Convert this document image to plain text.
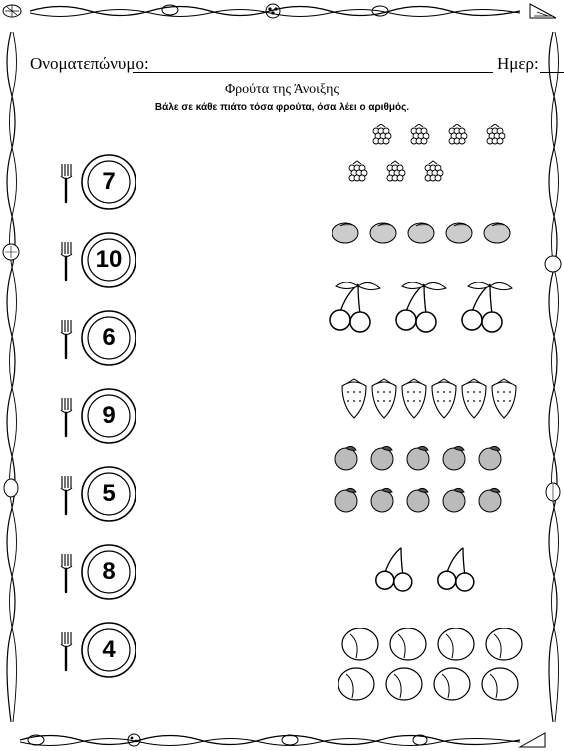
Ονοματεπώνυμο:	Ημερ:
Φρούτα της Άνοιξης
Βάλε σε κάθε πιάτο τόσα φρούτα, όσα λέει ο αριθμός.
7
10
6
9
5
8
4
